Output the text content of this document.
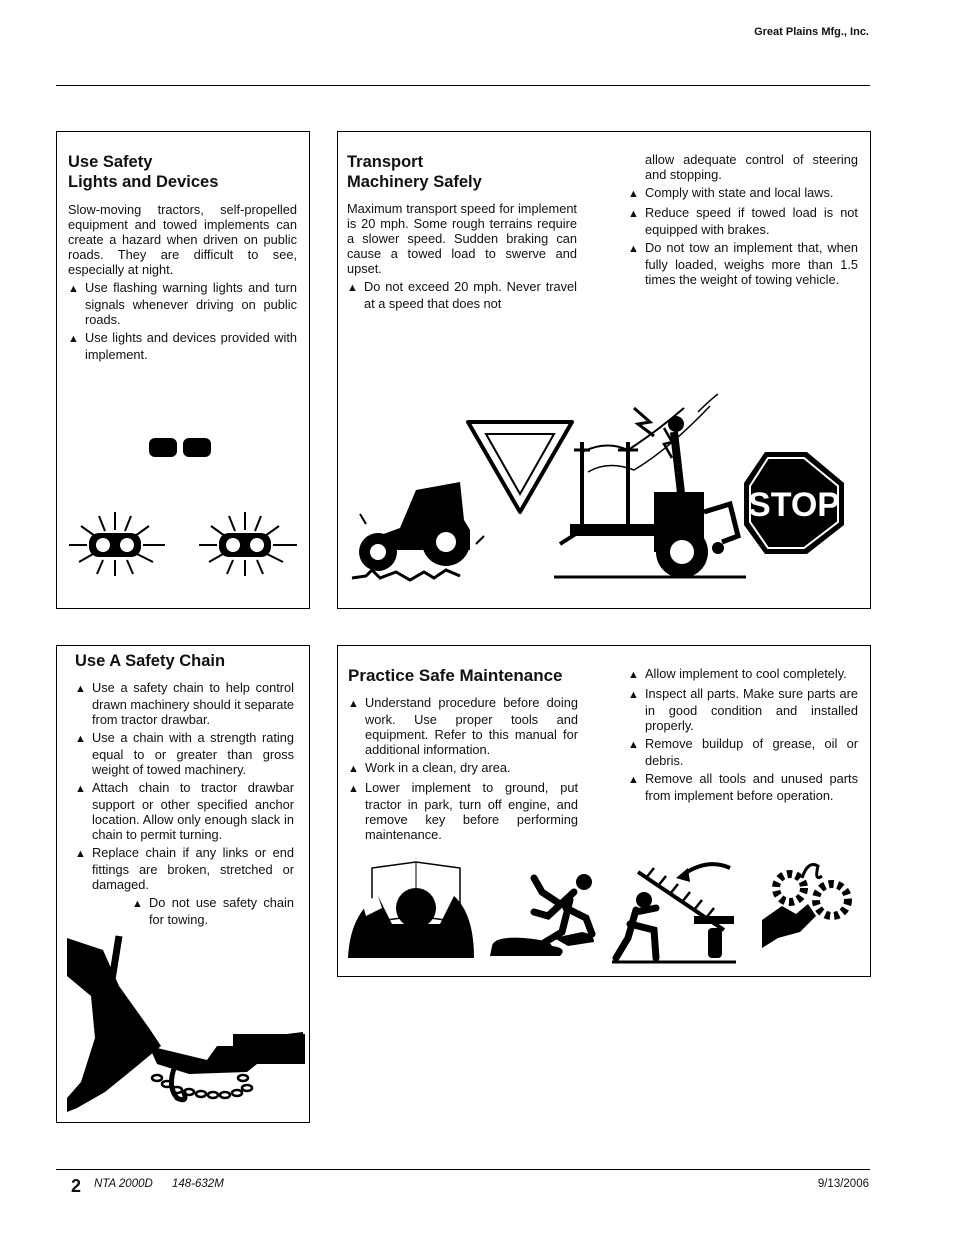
Great Plains Mfg., Inc.

Use Safety

Lights and Devices

Slow-moving tractors, self-propelled equipment and towed implements can create a hazard when driven on public roads. They are difficult to see, especially at night.

▲ Use flashing warning lights and turn signals whenever driving on public roads.

▲ Use lights and devices provided with implement.

Transport

Machinery Safely

Maximum transport speed for implement is 20 mph. Some rough terrains require a slower speed. Sudden braking can cause a towed load to swerve and upset.

▲ Do not exceed 20 mph. Never travel at a speed that does not

allow adequate control of steering and stopping.

▲ Comply with state and local laws.

▲ Reduce speed if towed load is not equipped with brakes.

▲ Do not tow an implement that, when fully loaded, weighs more than 1.5 times the weight of towing vehicle.

STOP

Use A Safety Chain

▲ Use a safety chain to help control drawn machinery should it separate from tractor drawbar.

▲ Use a chain with a strength rating equal to or greater than gross weight of towed machinery.

▲ Attach chain to tractor drawbar support or other specified anchor location. Allow only enough slack in chain to permit turning.

▲ Replace chain if any links or end fittings are broken, stretched or damaged.

▲ Do not use safety chain for towing.

Practice Safe Maintenance

▲ Understand procedure before doing work. Use proper tools and equipment. Refer to this manual for additional information.

▲ Work in a clean, dry area.

▲ Lower implement to ground, put tractor in park, turn off engine, and remove key before performing maintenance.

▲ Allow implement to cool completely.

▲ Inspect all parts. Make sure parts are in good condition and installed properly.

▲ Remove buildup of grease, oil or debris.

▲ Remove all tools and unused parts from implement before operation.

2 NTA 2000D 148-632M	9/13/2006
